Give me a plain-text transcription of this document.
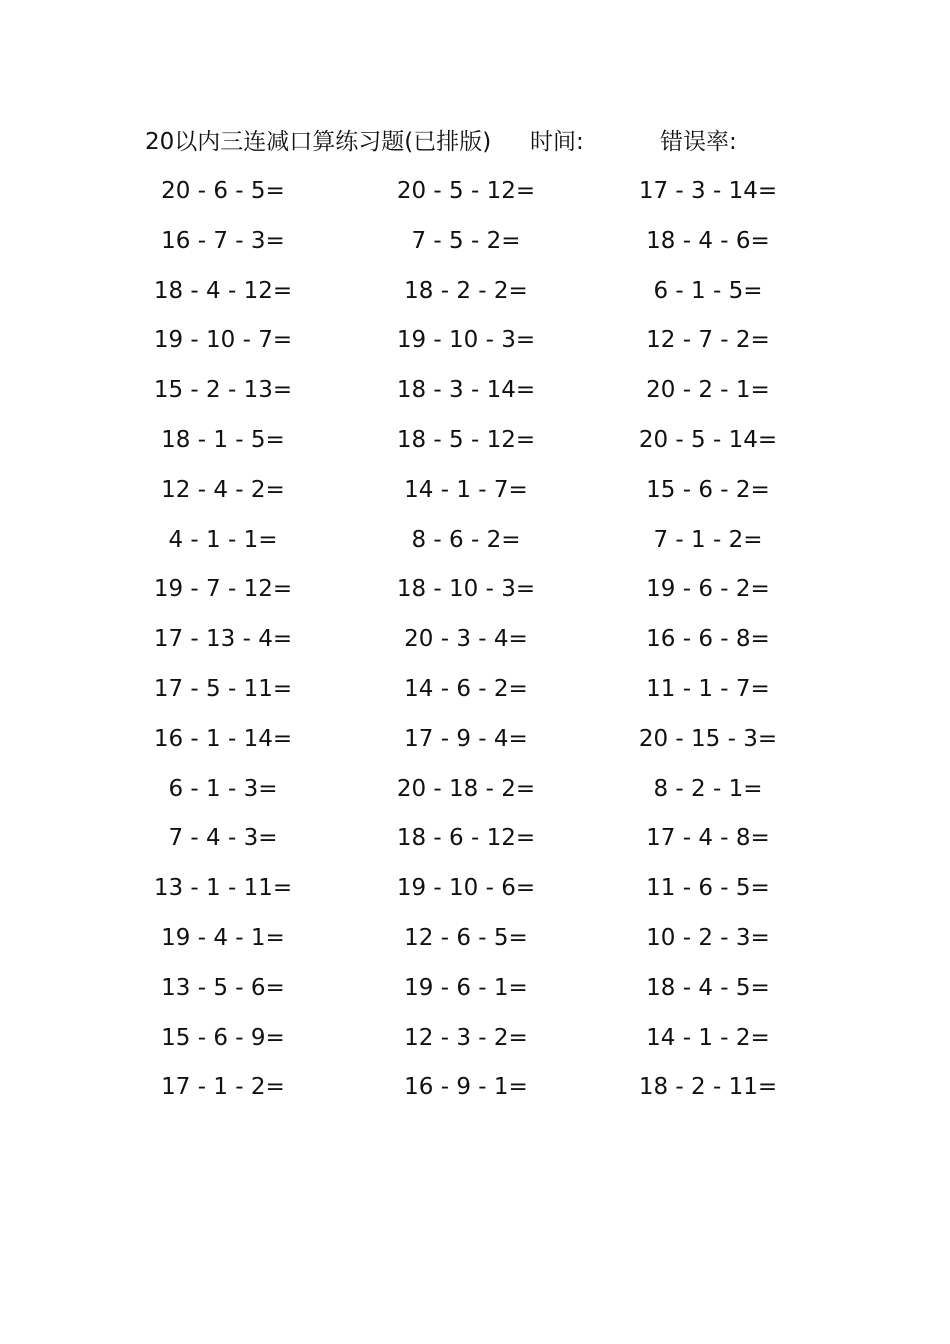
20以内三连减口算练习题(已排版) 时间:	错误率:
20 - 6 - 5=	20 - 5 - 12=	17 - 3 - 14=
16 - 7 - 3=	7 - 5 - 2=	18 - 4 - 6=
18 - 4 - 12=	18 - 2 - 2=	6 - 1 - 5=
19 - 10 - 7=	19 - 10 - 3=	12 - 7 - 2=
15 - 2 - 13=	18 - 3 - 14=	20 - 2 - 1=
18 - 1 - 5=	18 - 5 - 12=	20 - 5 - 14=
12 - 4 - 2=	14 - 1 - 7=	15 - 6 - 2=
4 - 1 - 1=	8 - 6 - 2=	7 - 1 - 2=
19 - 7 - 12=	18 - 10 - 3=	19 - 6 - 2=
17 - 13 - 4=	20 - 3 - 4=	16 - 6 - 8=
17 - 5 - 11=	14 - 6 - 2=	11 - 1 - 7=
16 - 1 - 14=	17 - 9 - 4=	20 - 15 - 3=
6 - 1 - 3=	20 - 18 - 2=	8 - 2 - 1=
7 - 4 - 3=	18 - 6 - 12=	17 - 4 - 8=
13 - 1 - 11=	19 - 10 - 6=	11 - 6 - 5=
19 - 4 - 1=	12 - 6 - 5=	10 - 2 - 3=
13 - 5 - 6=	19 - 6 - 1=	18 - 4 - 5=
15 - 6 - 9=	12 - 3 - 2=	14 - 1 - 2=
17 - 1 - 2=	16 - 9 - 1=	18 - 2 - 11=
